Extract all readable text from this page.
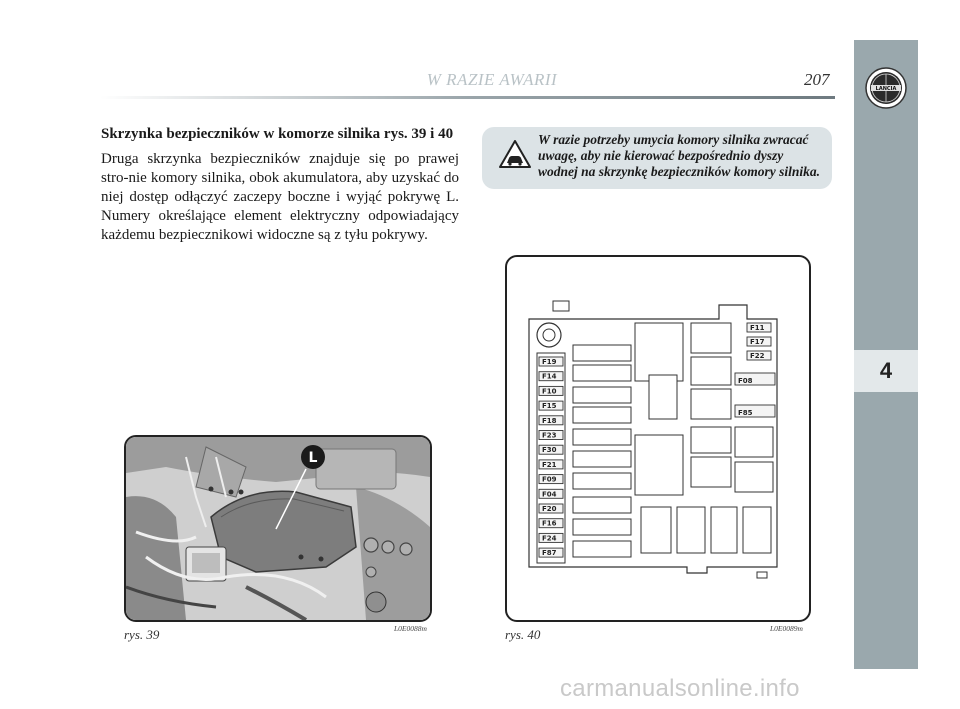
W RAZIE AWARII	207	LANCIA
4
Skrzynka bezpieczników w komorze silnika rys. 39 i 40

Druga skrzynka bezpieczników znajduje się po prawej stro-nie komory silnika, obok akumulatora, aby uzyskać do niej dostęp odłączyć zaczepy boczne i wyjąć pokrywę L. Numery określające element elektryczny odpowiadający każdemu bezpiecznikowi widoczne są z tyłu pokrywy.

W razie potrzeby umycia komory silnika zwracać uwagę, aby nie kierować bezpośrednio dyszy wodnej na skrzynkę bezpieczników komory silnika.

L
rys. 39	L0E0088m
F19
F14
F10
F15
F18
F23
F30
F21
F09
F04
F20
F16
F24
F87
F11
F17
F22
F08
F85
rys. 40	L0E0089m
carmanualsonline.info
